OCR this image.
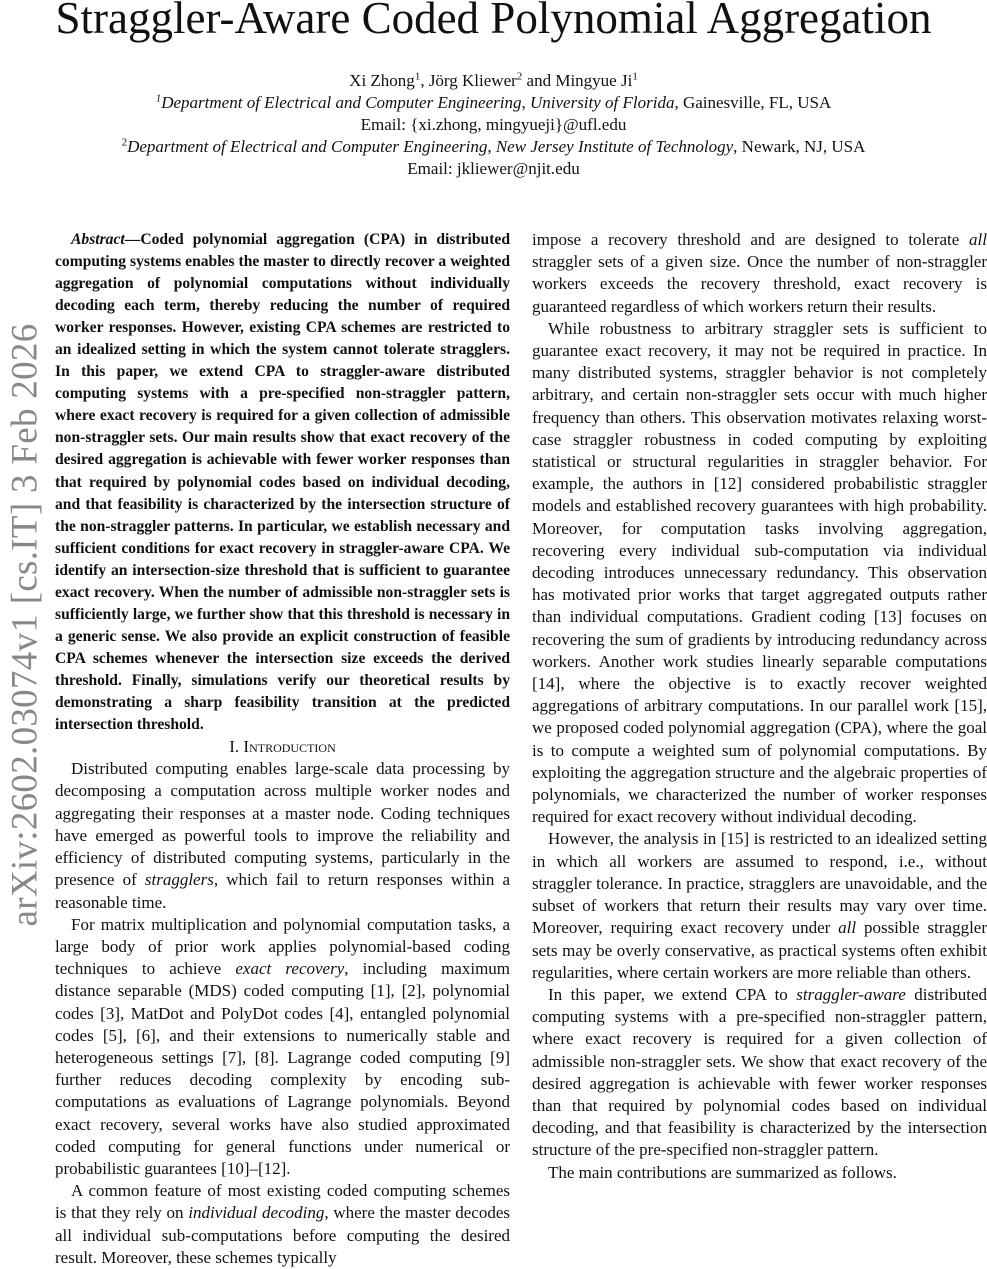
arXiv:2602.03074v1 [cs.IT] 3 Feb 2026
Straggler-Aware Coded Polynomial Aggregation
Xi Zhong$^1$, Jörg Kliewer$^2$ and Mingyue Ji$^1$
$^1$Department of Electrical and Computer Engineering, University of Florida, Gainesville, FL, USA
Email: {xi.zhong, mingyueji}@ufl.edu
$^2$Department of Electrical and Computer Engineering, New Jersey Institute of Technology, Newark, NJ, USA
Email: jkliewer@njit.edu

Abstract—Coded polynomial aggregation (CPA) in distributed computing systems enables the master to directly recover a weighted aggregation of polynomial computations without individually decoding each term, thereby reducing the number of required worker responses. However, existing CPA schemes are restricted to an idealized setting in which the system cannot tolerate stragglers. In this paper, we extend CPA to straggler-aware distributed computing systems with a pre-specified non-straggler pattern, where exact recovery is required for a given collection of admissible non-straggler sets. Our main results show that exact recovery of the desired aggregation is achievable with fewer worker responses than that required by polynomial codes based on individual decoding, and that feasibility is characterized by the intersection structure of the non-straggler patterns. In particular, we establish necessary and sufficient conditions for exact recovery in straggler-aware CPA. We identify an intersection-size threshold that is sufficient to guarantee exact recovery. When the number of admissible non-straggler sets is sufficiently large, we further show that this threshold is necessary in a generic sense. We also provide an explicit construction of feasible CPA schemes whenever the intersection size exceeds the derived threshold. Finally, simulations verify our theoretical results by demonstrating a sharp feasibility transition at the predicted intersection threshold.

I. Introduction

Distributed computing enables large-scale data processing by decomposing a computation across multiple worker nodes and aggregating their responses at a master node. Coding techniques have emerged as powerful tools to improve the reliability and efficiency of distributed computing systems, particularly in the presence of stragglers, which fail to return responses within a reasonable time.

For matrix multiplication and polynomial computation tasks, a large body of prior work applies polynomial-based coding techniques to achieve exact recovery, including maximum distance separable (MDS) coded computing [1], [2], polynomial codes [3], MatDot and PolyDot codes [4], entangled polynomial codes [5], [6], and their extensions to numerically stable and heterogeneous settings [7], [8]. Lagrange coded computing [9] further reduces decoding complexity by encoding sub-computations as evaluations of Lagrange polynomials. Beyond exact recovery, several works have also studied approximated coded computing for general functions under numerical or probabilistic guarantees [10]–[12].

A common feature of most existing coded computing schemes is that they rely on individual decoding, where the master decodes all individual sub-computations before computing the desired result. Moreover, these schemes typically

impose a recovery threshold and are designed to tolerate all straggler sets of a given size. Once the number of non-straggler workers exceeds the recovery threshold, exact recovery is guaranteed regardless of which workers return their results.

While robustness to arbitrary straggler sets is sufficient to guarantee exact recovery, it may not be required in practice. In many distributed systems, straggler behavior is not completely arbitrary, and certain non-straggler sets occur with much higher frequency than others. This observation motivates relaxing worst-case straggler robustness in coded computing by exploiting statistical or structural regularities in straggler behavior. For example, the authors in [12] considered probabilistic straggler models and established recovery guarantees with high probability. Moreover, for computation tasks involving aggregation, recovering every individual sub-computation via individual decoding introduces unnecessary redundancy. This observation has motivated prior works that target aggregated outputs rather than individual computations. Gradient coding [13] focuses on recovering the sum of gradients by introducing redundancy across workers. Another work studies linearly separable computations [14], where the objective is to exactly recover weighted aggregations of arbitrary computations. In our parallel work [15], we proposed coded polynomial aggregation (CPA), where the goal is to compute a weighted sum of polynomial computations. By exploiting the aggregation structure and the algebraic properties of polynomials, we characterized the number of worker responses required for exact recovery without individual decoding.

However, the analysis in [15] is restricted to an idealized setting in which all workers are assumed to respond, i.e., without straggler tolerance. In practice, stragglers are unavoidable, and the subset of workers that return their results may vary over time. Moreover, requiring exact recovery under all possible straggler sets may be overly conservative, as practical systems often exhibit regularities, where certain workers are more reliable than others.

In this paper, we extend CPA to straggler-aware distributed computing systems with a pre-specified non-straggler pattern, where exact recovery is required for a given collection of admissible non-straggler sets. We show that exact recovery of the desired aggregation is achievable with fewer worker responses than that required by polynomial codes based on individual decoding, and that feasibility is characterized by the intersection structure of the pre-specified non-straggler pattern.

The main contributions are summarized as follows.
